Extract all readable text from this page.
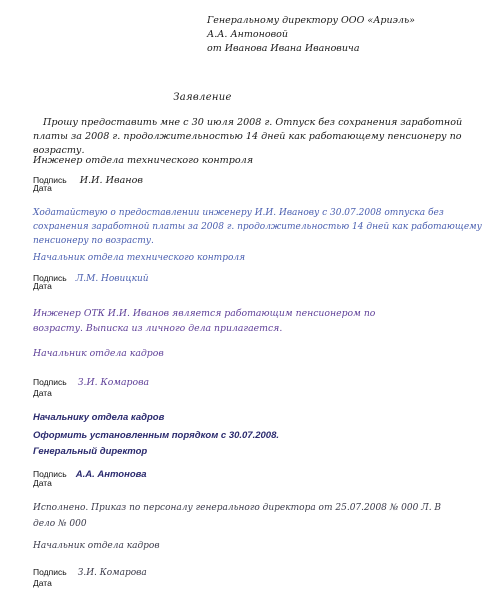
Генеральному директору ООО «Ариэль»
А.А. Антоновой
от Иванова Ивана Ивановича
Заявление
Прошу предоставить мне с 30 июля 2008 г. Отпуск без сохранения заработной
платы за 2008 г. продолжительностью 14 дней как работающему пенсионеру по
возрасту.
Инженер отдела технического контроля
Подпись И.И. Иванов
Дата
Ходатайствую о предоставлении инженеру И.И. Иванову с 30.07.2008 отпуска без
сохранения заработной платы за 2008 г. продолжительностью 14 дней как работающему
пенсионеру по возрасту.
Начальник отдела технического контроля
Подпись Л.М. Новицкий
Дата
Инженер ОТК И.И. Иванов является работающим пенсионером по
возрасту. Выписка из личного дела прилагается.
Начальник отдела кадров
Подпись З.И. Комарова
Дата
Начальнику отдела кадров
Оформить установленным порядком с 30.07.2008.
Генеральный директор
Подпись А.А. Антонова
Дата
Исполнено. Приказ по персоналу генерального директора от 25.07.2008 № 000 Л. В
дело № 000
Начальник отдела кадров
Подпись З.И. Комарова
Дата
